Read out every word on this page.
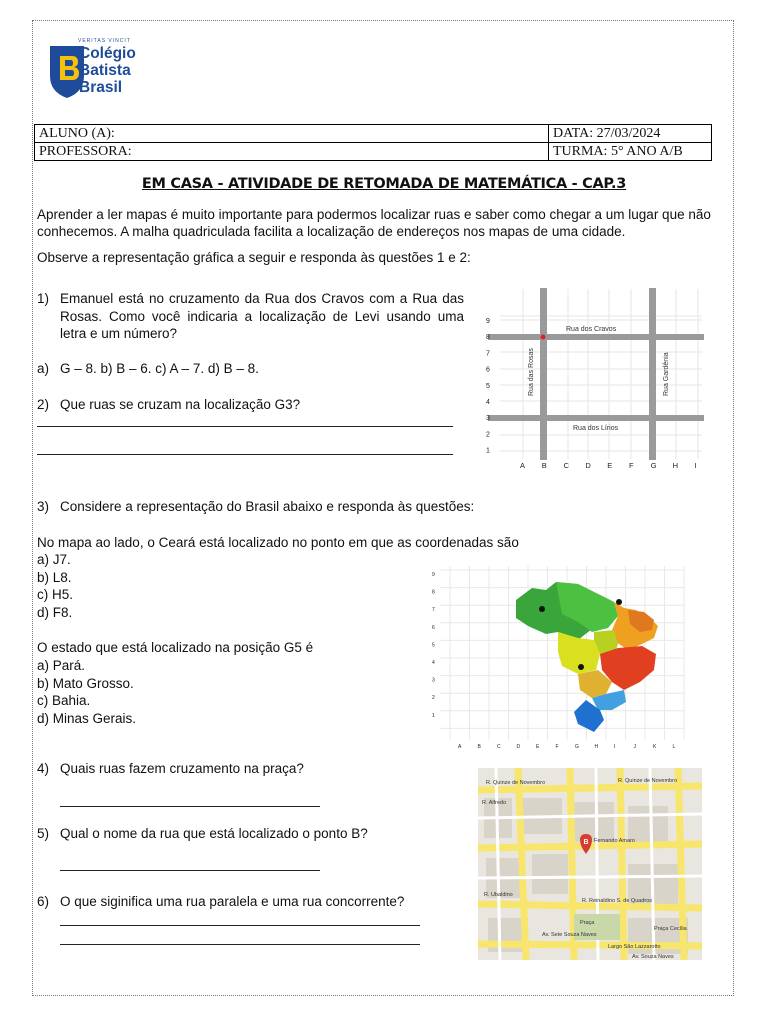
VERITAS VINCIT
Colégio
Batista
Brasil
ALUNO (A):	DATA: 27/03/2024
PROFESSORA:	TURMA: 5° ANO A/B
EM CASA - ATIVIDADE DE RETOMADA DE MATEMÁTICA - CAP.3
Aprender a ler mapas é muito importante para podermos localizar ruas e saber como chegar a um lugar que não conhecemos. A malha quadriculada facilita a localização de endereços nos mapas de uma cidade.
Observe a representação gráfica a seguir e responda às questões 1 e 2:
1) Emanuel está no cruzamento da Rua dos Cravos com a Rua das Rosas. Como você indicaria a localização de Levi usando uma letra e um número?
a) G – 8. b) B – 6. c) A – 7. d) B – 8.
2) Que ruas se cruzam na localização G3?
Rua dos Cravos
Rua dos Lírios
Rua das Rosas	Rua Gardênia
9
8
7
6
5
4
3
2
1
A B C D E F G H I
3) Considere a representação do Brasil abaixo e responda às questões:
No mapa ao lado, o Ceará está localizado no ponto em que as coordenadas são
a) J7.
b) L8.
c) H5.
d) F8.
O estado que está localizado na posição G5 é
a) Pará.
b) Mato Grosso.
c) Bahia.
d) Minas Gerais.
9
8
7
6
5
4
3
2
1
A	B	C	D	E	F	G	H	I	J	K	L
4) Quais ruas fazem cruzamento na praça?
5) Qual o nome da rua que está localizado o ponto B?
6) O que siginifica uma rua paralela e uma rua concorrente?
R. Quinze de Novembro	R. Quinze de Novembro
R. Alfredo
Fernando Amaro
R. Reinaldino S. de Quadros
Av. Sete Souza Naves
Praça
Largo São Lazzarotto
Praça Cecília
R. Ubaldino
Av. Souza Naves
B
